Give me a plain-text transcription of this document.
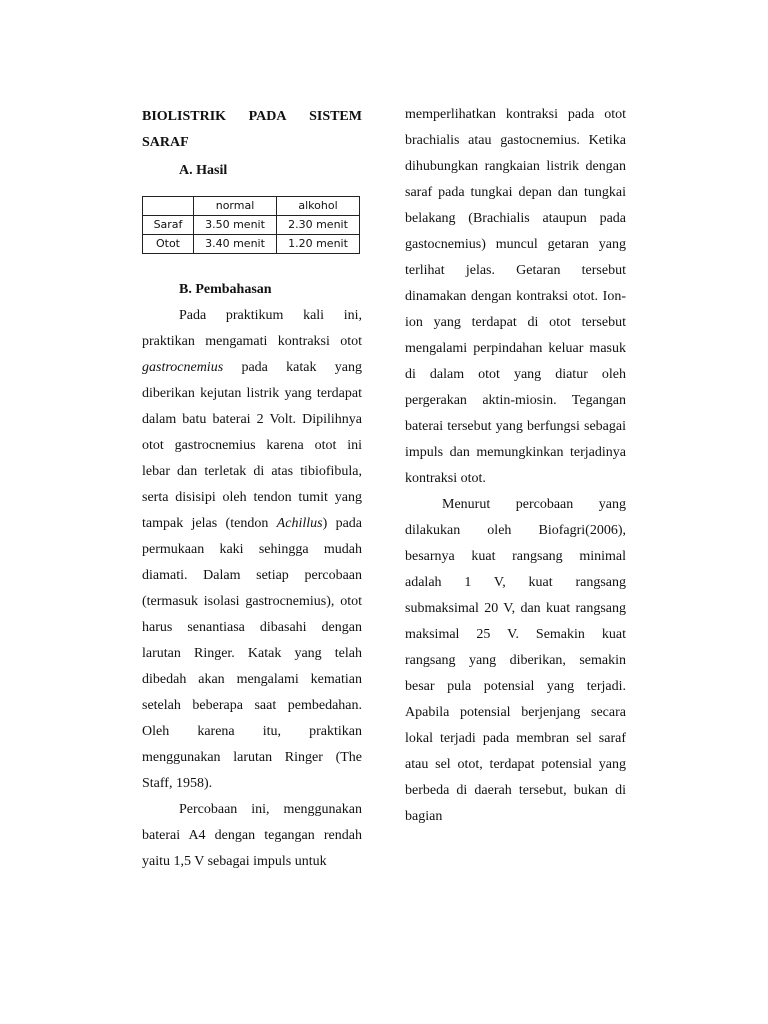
BIOLISTRIK PADA SISTEM
SARAF
A. Hasil
	normal	alkohol
Saraf	3.50 menit	2.30 menit
Otot	3.40 menit	1.20 menit
B. Pembahasan

Pada praktikum kali ini, praktikan mengamati kontraksi otot gastrocnemius pada katak yang diberikan kejutan listrik yang terdapat dalam batu baterai 2 Volt. Dipilihnya otot gastrocnemius karena otot ini lebar dan terletak di atas tibiofibula, serta disisipi oleh tendon tumit yang tampak jelas (tendon Achillus) pada permukaan kaki sehingga mudah diamati. Dalam setiap percobaan (termasuk isolasi gastrocnemius), otot harus senantiasa dibasahi dengan larutan Ringer. Katak yang telah dibedah akan mengalami kematian setelah beberapa saat pembedahan. Oleh karena itu, praktikan menggunakan larutan Ringer (The Staff, 1958).

Percobaan ini, menggunakan baterai A4 dengan tegangan rendah yaitu 1,5 V sebagai impuls untuk

memperlihatkan kontraksi pada otot brachialis atau gastocnemius. Ketika dihubungkan rangkaian listrik dengan saraf pada tungkai depan dan tungkai belakang (Brachialis ataupun pada gastocnemius) muncul getaran yang terlihat jelas. Getaran tersebut dinamakan dengan kontraksi otot. Ion-ion yang terdapat di otot tersebut mengalami perpindahan keluar masuk di dalam otot yang diatur oleh pergerakan aktin-miosin. Tegangan baterai tersebut yang berfungsi sebagai impuls dan memungkinkan terjadinya kontraksi otot.

Menurut percobaan yang dilakukan oleh Biofagri(2006), besarnya kuat rangsang minimal adalah 1 V, kuat rangsang submaksimal 20 V, dan kuat rangsang maksimal 25 V. Semakin kuat rangsang yang diberikan, semakin besar pula potensial yang terjadi. Apabila potensial berjenjang secara lokal terjadi pada membran sel saraf atau sel otot, terdapat potensial yang berbeda di daerah tersebut, bukan di bagian
